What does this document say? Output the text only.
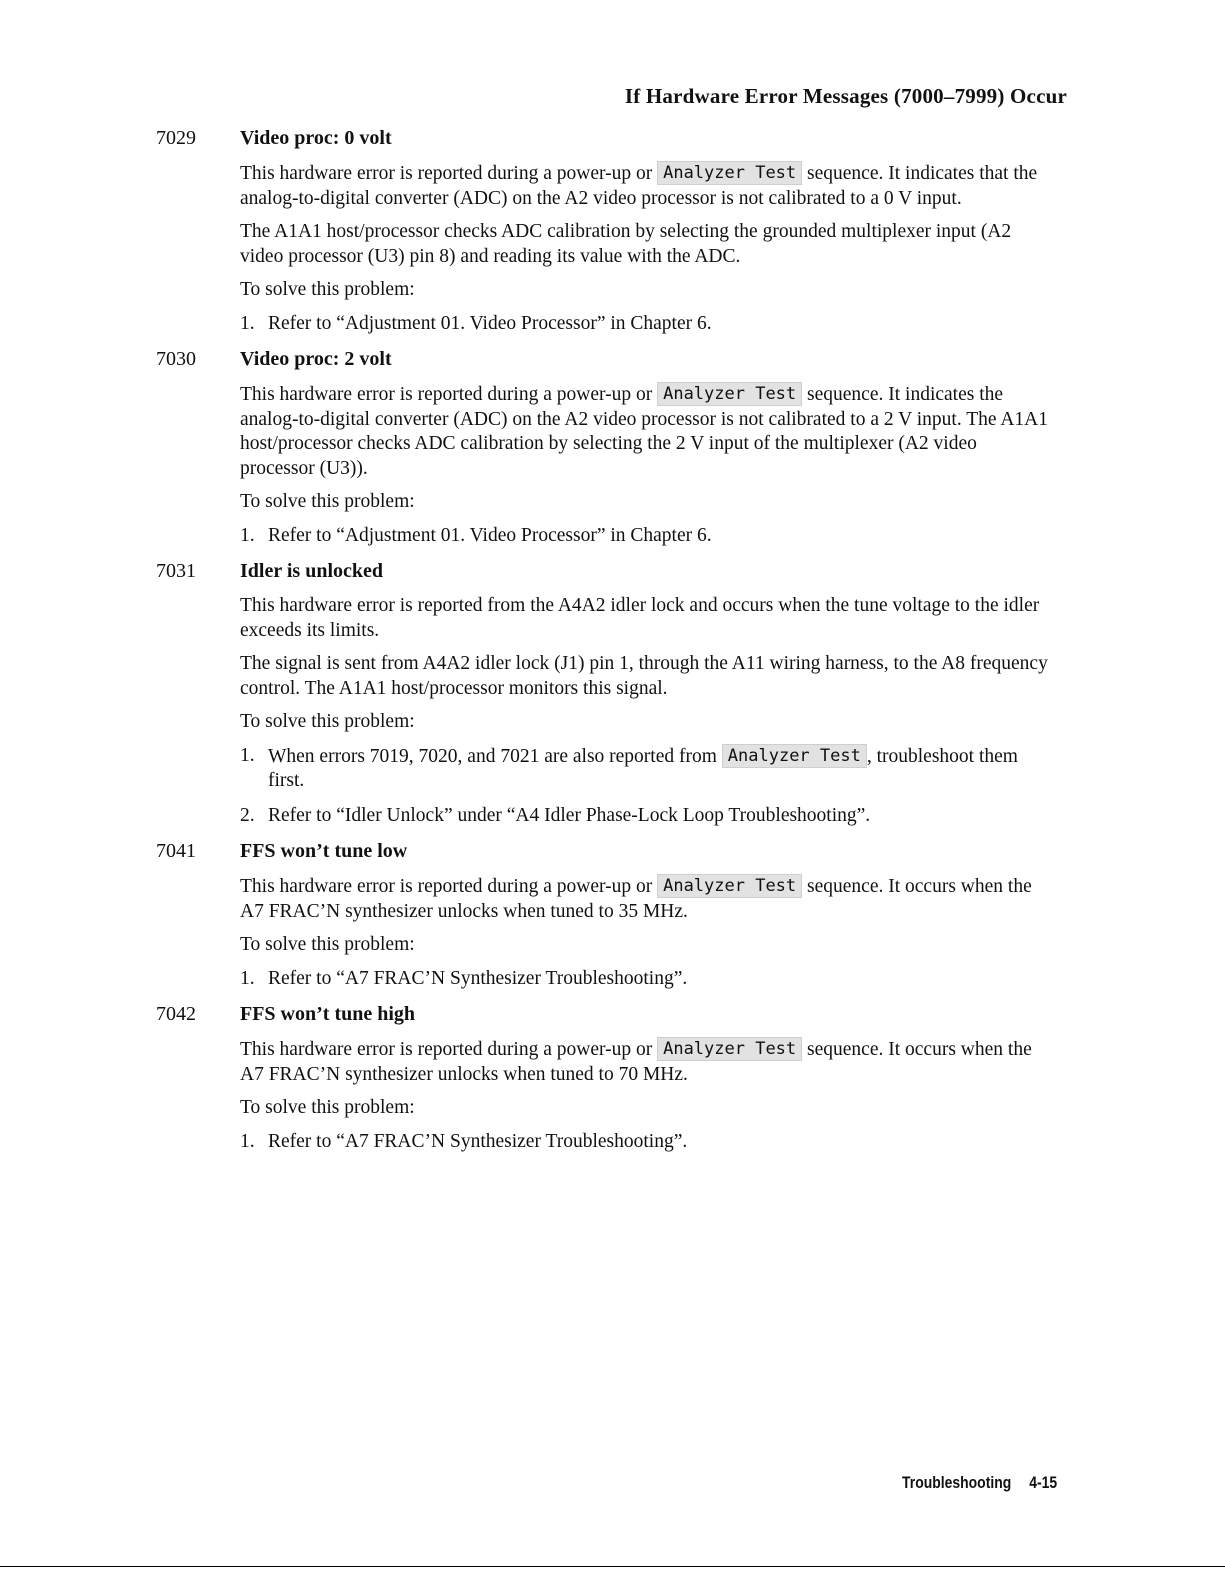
If Hardware Error Messages (7000–7999) Occur
7029 Video proc: 0 volt

This hardware error is reported during a power-up or Analyzer Test sequence. It indicates that the analog-to-digital converter (ADC) on the A2 video processor is not calibrated to a 0 V input.

The A1A1 host/processor checks ADC calibration by selecting the grounded multiplexer input (A2 video processor (U3) pin 8) and reading its value with the ADC.

To solve this problem:

1. Refer to “Adjustment 01. Video Processor” in Chapter 6.
7030 Video proc: 2 volt

This hardware error is reported during a power-up or Analyzer Test sequence. It indicates the analog-to-digital converter (ADC) on the A2 video processor is not calibrated to a 2 V input. The A1A1 host/processor checks ADC calibration by selecting the 2 V input of the multiplexer (A2 video processor (U3)).

To solve this problem:

1. Refer to “Adjustment 01. Video Processor” in Chapter 6.
7031 Idler is unlocked

This hardware error is reported from the A4A2 idler lock and occurs when the tune voltage to the idler exceeds its limits.

The signal is sent from A4A2 idler lock (J1) pin 1, through the A11 wiring harness, to the A8 frequency control. The A1A1 host/processor monitors this signal.

To solve this problem:

1. When errors 7019, 7020, and 7021 are also reported from Analyzer Test , troubleshoot them first.
2. Refer to “Idler Unlock” under “A4 Idler Phase-Lock Loop Troubleshooting”.
7041 FFS won’t tune low

This hardware error is reported during a power-up or Analyzer Test sequence. It occurs when the A7 FRAC’N synthesizer unlocks when tuned to 35 MHz.

To solve this problem:

1. Refer to “A7 FRAC’N Synthesizer Troubleshooting”.
7042 FFS won’t tune high

This hardware error is reported during a power-up or Analyzer Test sequence. It occurs when the A7 FRAC’N synthesizer unlocks when tuned to 70 MHz.

To solve this problem:

1. Refer to “A7 FRAC’N Synthesizer Troubleshooting”.
Troubleshooting 4-15
